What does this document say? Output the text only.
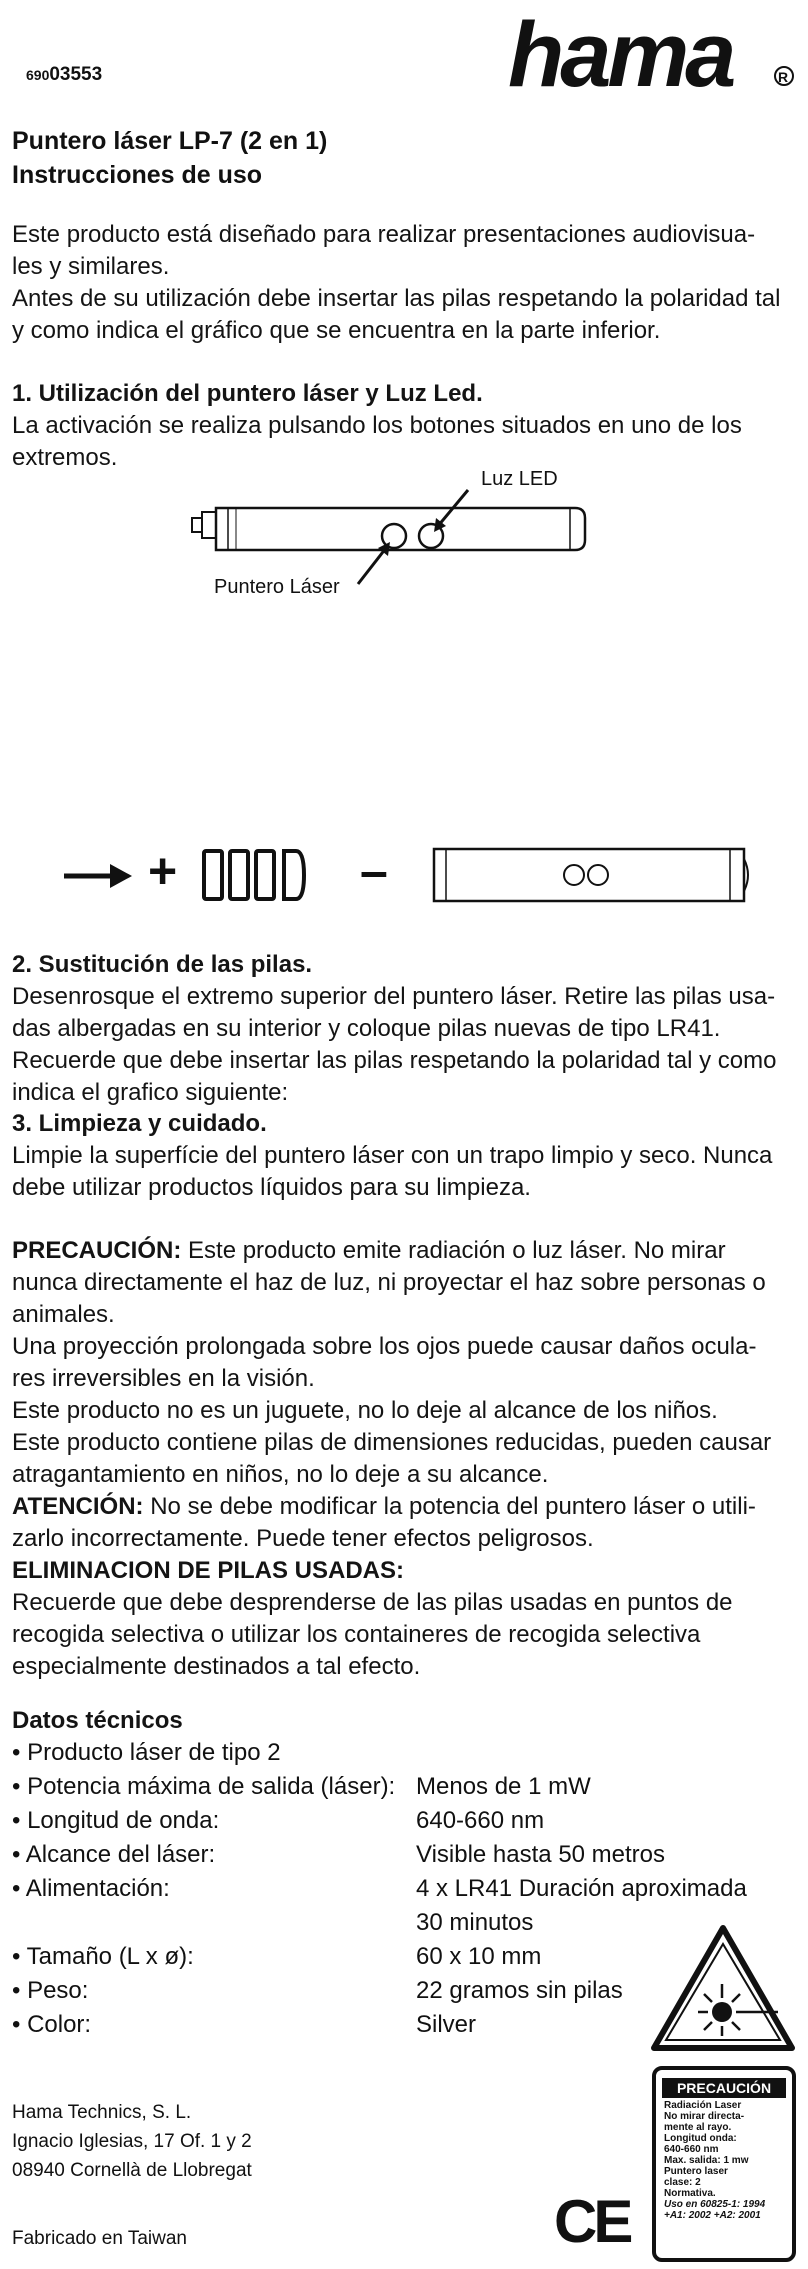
69003553	hama	R
Puntero láser LP-7 (2 en 1)
Instrucciones de uso
Este producto está diseñado para realizar presentaciones audiovisua-les y similares.
Antes de su utilización debe insertar las pilas respetando la polaridad tal y como indica el gráfico que se encuentra en la parte inferior.
1. Utilización del puntero láser y Luz Led.
La activación se realiza pulsando los botones situados en uno de los extremos.
Luz LED
Puntero Láser
+	–
2. Sustitución de las pilas.
Desenrosque el extremo superior del puntero láser. Retire las pilas usa-das albergadas en su interior y coloque pilas nuevas de tipo LR41. Recuerde que debe insertar las pilas respetando la polaridad tal y como indica el grafico siguiente:
3. Limpieza y cuidado.
Limpie la superfície del puntero láser con un trapo limpio y seco. Nunca debe utilizar productos líquidos para su limpieza.
PRECAUCIÓN: Este producto emite radiación o luz láser. No mirar nunca directamente el haz de luz, ni proyectar el haz sobre personas o animales.
Una proyección prolongada sobre los ojos puede causar daños ocula-res irreversibles en la visión.
Este producto no es un juguete, no lo deje al alcance de los niños.
Este producto contiene pilas de dimensiones reducidas, pueden causar atragantamiento en niños, no lo deje a su alcance.
ATENCIÓN: No se debe modificar la potencia del puntero láser o utili-zarlo incorrectamente. Puede tener efectos peligrosos.
ELIMINACION DE PILAS USADAS:
Recuerde que debe desprenderse de las pilas usadas en puntos de recogida selectiva o utilizar los containeres de recogida selectiva especialmente destinados a tal efecto.
Datos técnicos
• Producto láser de tipo 2
• Potencia máxima de salida (láser): Menos de 1 mW
• Longitud de onda:	640-660 nm
• Alcance del láser:	Visible hasta 50 metros
• Alimentación:	4 x LR41 Duración aproximada
30 minutos
• Tamaño (L x ø):	60 x 10 mm
• Peso:	22 gramos sin pilas
• Color:	Silver
PRECAUCIÓN
Radiación Laser
No mirar directa-
mente al rayo.
Longitud onda:
640-660 nm
Max. salida: 1 mw
Puntero laser
clase: 2
Normativa.
Uso en 60825-1: 1994
+A1: 2002 +A2: 2001
Hama Technics, S. L.
Ignacio Iglesias, 17 Of. 1 y 2
08940 Cornellà de Llobregat
Fabricado en Taiwan	CE
